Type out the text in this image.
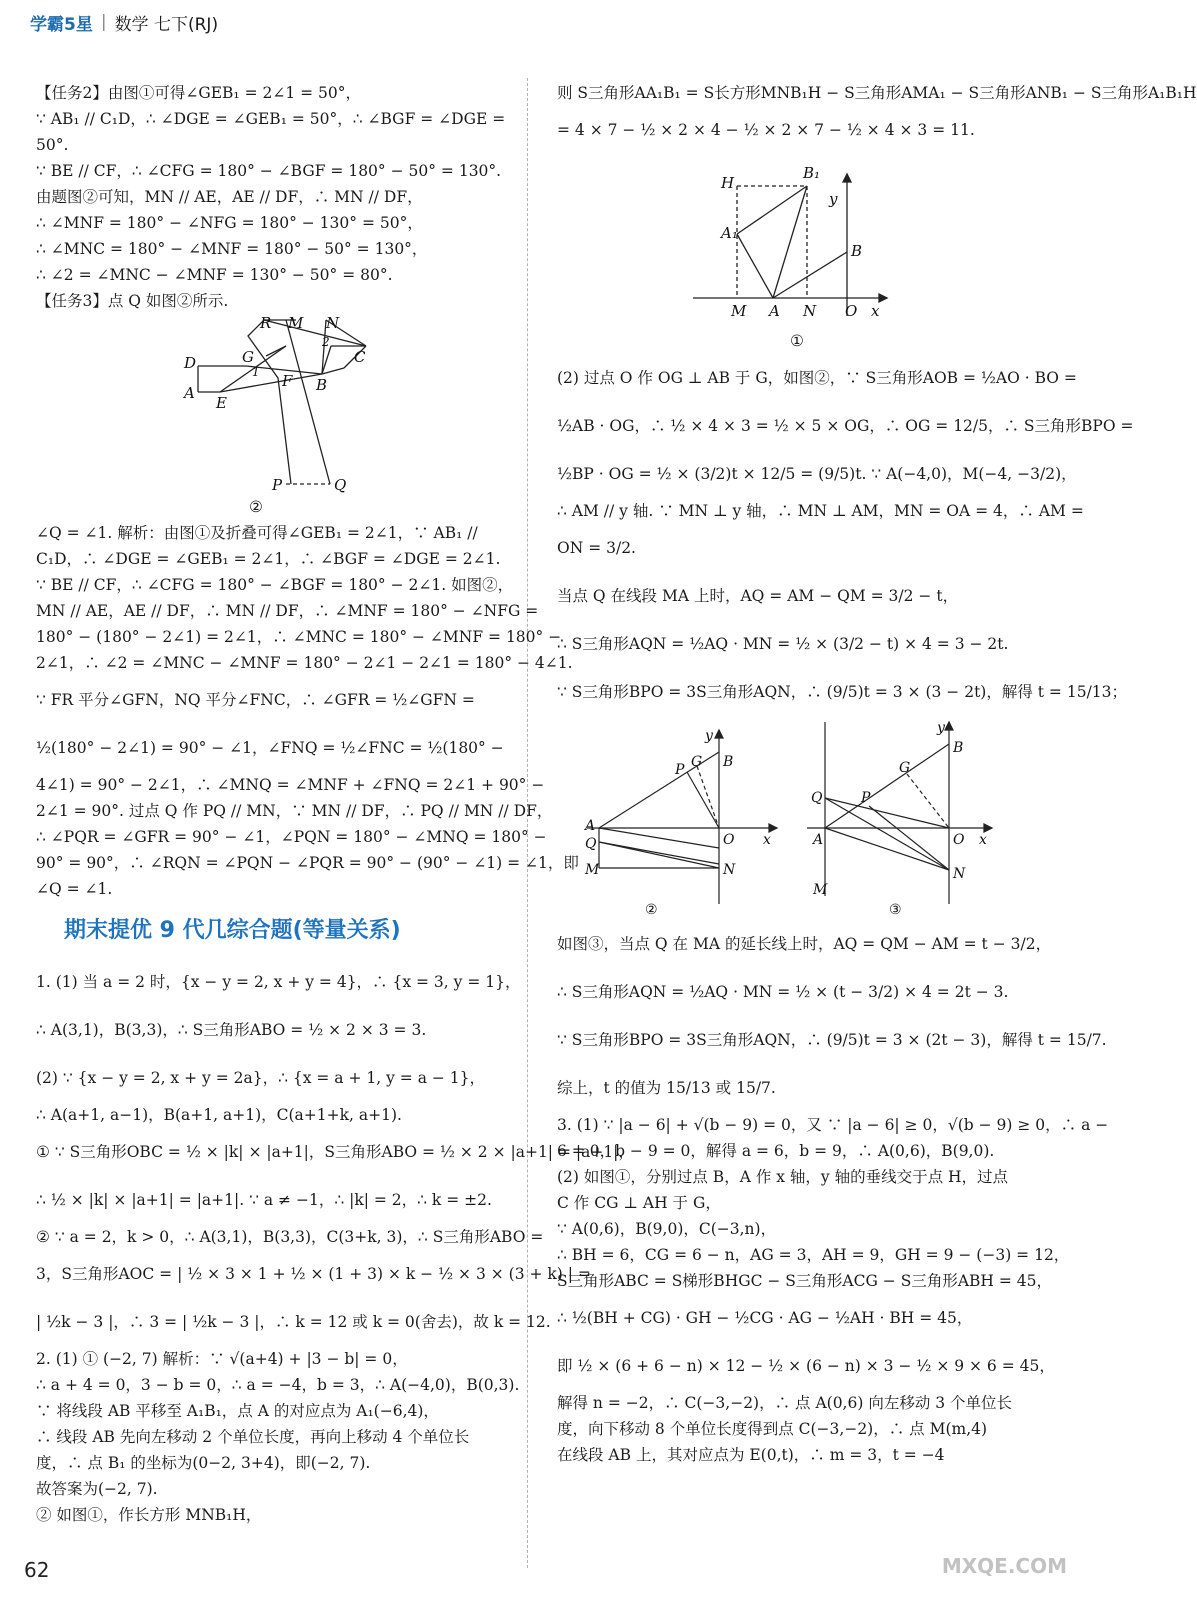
学霸5星 | 数学 七下(RJ)
【任务2】由图①可得∠GEB₁ = 2∠1 = 50°，
∵ AB₁ // C₁D，∴ ∠DGE = ∠GEB₁ = 50°，∴ ∠BGF = ∠DGE =
50°.
∵ BE // CF，∴ ∠CFG = 180° − ∠BGF = 180° − 50° = 130°.
由题图②可知，MN // AE，AE // DF，∴ MN // DF，
∴ ∠MNF = 180° − ∠NFG = 180° − 130° = 50°，
∴ ∠MNC = 180° − ∠MNF = 180° − 50° = 130°，
∴ ∠2 = ∠MNC − ∠MNF = 130° − 50° = 80°.
【任务3】点 Q 如图②所示.
R M N
2
C
D	G
1 F B
A
E
P	Q
②
∠Q = ∠1. 解析：由图①及折叠可得∠GEB₁ = 2∠1，∵ AB₁ //
C₁D，∴ ∠DGE = ∠GEB₁ = 2∠1，∴ ∠BGF = ∠DGE = 2∠1.
∵ BE // CF，∴ ∠CFG = 180° − ∠BGF = 180° − 2∠1. 如图②，
MN // AE，AE // DF，∴ MN // DF，∴ ∠MNF = 180° − ∠NFG =
180° − (180° − 2∠1) = 2∠1，∴ ∠MNC = 180° − ∠MNF = 180° −
2∠1，∴ ∠2 = ∠MNC − ∠MNF = 180° − 2∠1 − 2∠1 = 180° − 4∠1.
∵ FR 平分∠GFN，NQ 平分∠FNC，∴ ∠GFR = ½∠GFN =
½(180° − 2∠1) = 90° − ∠1，∠FNQ = ½∠FNC = ½(180° −
4∠1) = 90° − 2∠1，∴ ∠MNQ = ∠MNF + ∠FNQ = 2∠1 + 90° −
2∠1 = 90°. 过点 Q 作 PQ // MN，∵ MN // DF，∴ PQ // MN // DF，
∴ ∠PQR = ∠GFR = 90° − ∠1，∠PQN = 180° − ∠MNQ = 180° −
90° = 90°，∴ ∠RQN = ∠PQN − ∠PQR = 90° − (90° − ∠1) = ∠1，即
∠Q = ∠1.
期末提优 9 代几综合题(等量关系)
1. (1) 当 a = 2 时，{x − y = 2, x + y = 4}，∴ {x = 3, y = 1}，
∴ A(3,1)，B(3,3)，∴ S三角形ABO = ½ × 2 × 3 = 3.
(2) ∵ {x − y = 2, x + y = 2a}，∴ {x = a + 1, y = a − 1}，
∴ A(a+1, a−1)，B(a+1, a+1)，C(a+1+k, a+1).
① ∵ S三角形OBC = ½ × |k| × |a+1|，S三角形ABO = ½ × 2 × |a+1| = |a+1|，
∴ ½ × |k| × |a+1| = |a+1|. ∵ a ≠ −1，∴ |k| = 2，∴ k = ±2.
② ∵ a = 2，k > 0，∴ A(3,1)，B(3,3)，C(3+k, 3)，∴ S三角形ABO =
3，S三角形AOC = | ½ × 3 × 1 + ½ × (1 + 3) × k − ½ × 3 × (3 + k) | =
| ½k − 3 |，∴ 3 = | ½k − 3 |，∴ k = 12 或 k = 0(舍去)，故 k = 12.
2. (1) ① (−2, 7) 解析：∵ √(a+4) + |3 − b| = 0，
∴ a + 4 = 0，3 − b = 0，∴ a = −4，b = 3，∴ A(−4,0)，B(0,3).
∵ 将线段 AB 平移至 A₁B₁，点 A 的对应点为 A₁(−6,4)，
∴ 线段 AB 先向左移动 2 个单位长度，再向上移动 4 个单位长
度，∴ 点 B₁ 的坐标为(0−2, 3+4)，即(−2, 7).
故答案为(−2, 7).
② 如图①，作长方形 MNB₁H，
则 S三角形AA₁B₁ = S长方形MNB₁H − S三角形AMA₁ − S三角形ANB₁ − S三角形A₁B₁H
= 4 × 7 − ½ × 2 × 4 − ½ × 2 × 7 − ½ × 4 × 3 = 11.
H
B₁
y
A₁
B
M A N O x
①
(2) 过点 O 作 OG ⊥ AB 于 G，如图②，∵ S三角形AOB = ½AO · BO =
½AB · OG，∴ ½ × 4 × 3 = ½ × 5 × OG，∴ OG = 12/5，∴ S三角形BPO =
½BP · OG = ½ × (3/2)t × 12/5 = (9/5)t. ∵ A(−4,0)，M(−4, −3/2)，
∴ AM // y 轴. ∵ MN ⊥ y 轴，∴ MN ⊥ AM，MN = OA = 4，∴ AM =
ON = 3/2.
当点 Q 在线段 MA 上时，AQ = AM − QM = 3/2 − t，
∴ S三角形AQN = ½AQ · MN = ½ × (3/2 − t) × 4 = 3 − 2t.
∵ S三角形BPO = 3S三角形AQN，∴ (9/5)t = 3 × (3 − 2t)，解得 t = 15/13；
y
P G B
A
Q	O x
M	N
②
y
B
G
Q	P
A	O x
N
M
③
如图③，当点 Q 在 MA 的延长线上时，AQ = QM − AM = t − 3/2，
∴ S三角形AQN = ½AQ · MN = ½ × (t − 3/2) × 4 = 2t − 3.
∵ S三角形BPO = 3S三角形AQN，∴ (9/5)t = 3 × (2t − 3)，解得 t = 15/7.
综上，t 的值为 15/13 或 15/7.
3. (1) ∵ |a − 6| + √(b − 9) = 0，又 ∵ |a − 6| ≥ 0，√(b − 9) ≥ 0，∴ a −
6 = 0，b − 9 = 0，解得 a = 6，b = 9，∴ A(0,6)，B(9,0).
(2) 如图①，分别过点 B，A 作 x 轴，y 轴的垂线交于点 H，过点
C 作 CG ⊥ AH 于 G，
∵ A(0,6)，B(9,0)，C(−3,n)，
∴ BH = 6，CG = 6 − n，AG = 3，AH = 9，GH = 9 − (−3) = 12，
S三角形ABC = S梯形BHGC − S三角形ACG − S三角形ABH = 45，
∴ ½(BH + CG) · GH − ½CG · AG − ½AH · BH = 45，
即 ½ × (6 + 6 − n) × 12 − ½ × (6 − n) × 3 − ½ × 9 × 6 = 45，
解得 n = −2，∴ C(−3,−2)，∴ 点 A(0,6) 向左移动 3 个单位长
度，向下移动 8 个单位长度得到点 C(−3,−2)，∴ 点 M(m,4)
在线段 AB 上，其对应点为 E(0,t)，∴ m = 3，t = −4
62	MXQE.COM
